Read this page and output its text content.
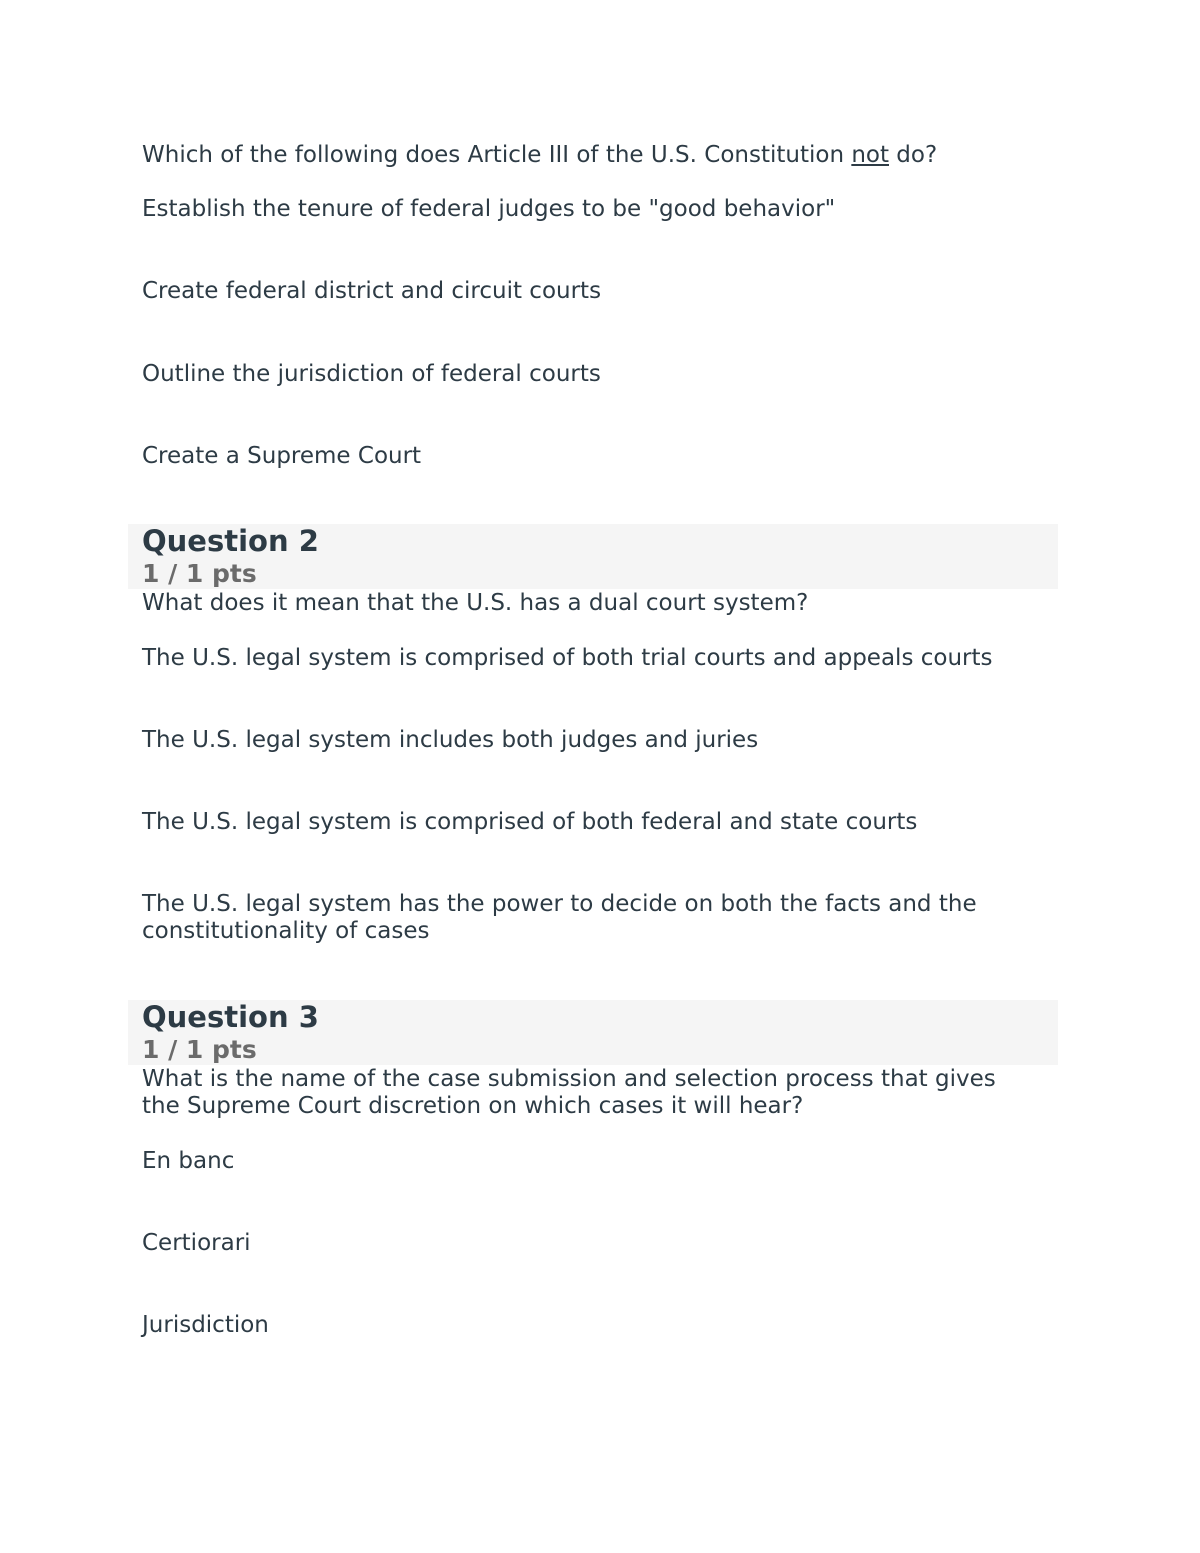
Which of the following does Article III of the U.S. Constitution not do?
Establish the tenure of federal judges to be "good behavior"
Create federal district and circuit courts
Outline the jurisdiction of federal courts
Create a Supreme Court
Question 2
1 / 1 pts
What does it mean that the U.S. has a dual court system?
The U.S. legal system is comprised of both trial courts and appeals courts
The U.S. legal system includes both judges and juries
The U.S. legal system is comprised of both federal and state courts
The U.S. legal system has the power to decide on both the facts and the
constitutionality of cases
Question 3
1 / 1 pts
What is the name of the case submission and selection process that gives
the Supreme Court discretion on which cases it will hear?
En banc
Certiorari
Jurisdiction
